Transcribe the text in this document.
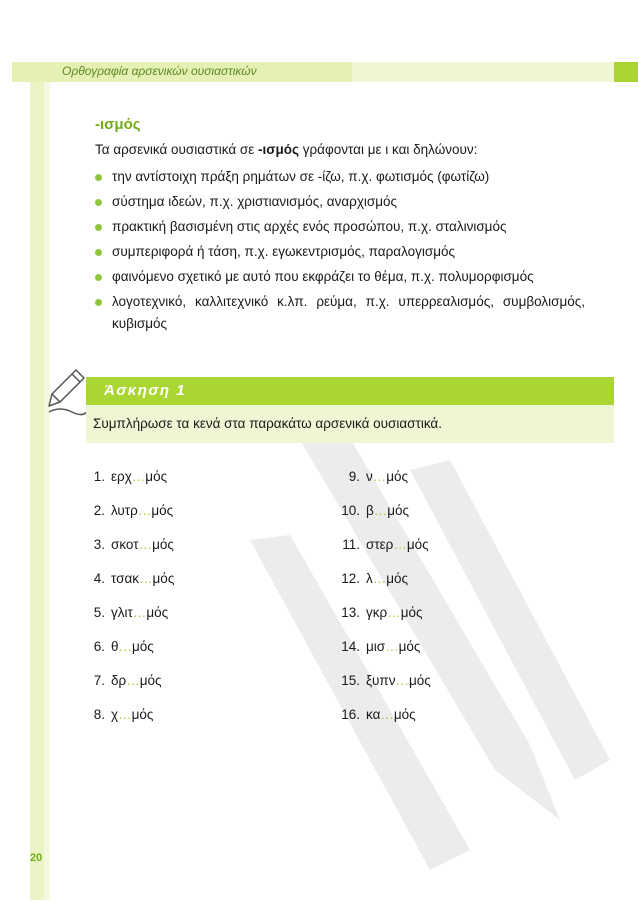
Ορθογραφία αρσενικών ουσιαστικών
-ισμός
Τα αρσενικά ουσιαστικά σε -ισμός γράφονται με ι και δηλώνουν:
την αντίστοιχη πράξη ρημάτων σε -ίζω, π.χ. φωτισμός (φωτίζω)
σύστημα ιδεών, π.χ. χριστιανισμός, αναρχισμός
πρακτική βασισμένη στις αρχές ενός προσώπου, π.χ. σταλινισμός
συμπεριφορά ή τάση, π.χ. εγωκεντρισμός, παραλογισμός
φαινόμενο σχετικό με αυτό που εκφράζει το θέμα, π.χ. πολυμορφισμός
λογοτεχνικό, καλλιτεχνικό κ.λπ. ρεύμα, π.χ. υπερρεαλισμός, συμβολισμός, κυβισμός
Άσκηση 1
Συμπλήρωσε τα κενά στα παρακάτω αρσενικά ουσιαστικά.
1. ερχ…μός
2. λυτρ…μός
3. σκοτ…μός
4. τσακ…μός
5. γλιτ…μός
6. θ…μός
7. δρ…μός
8. χ…μός
9. ν…μός
10. β…μός
11. στερ…μός
12. λ…μός
13. γκρ…μός
14. μισ…μός
15. ξυπν…μός
16. κα…μός
20
